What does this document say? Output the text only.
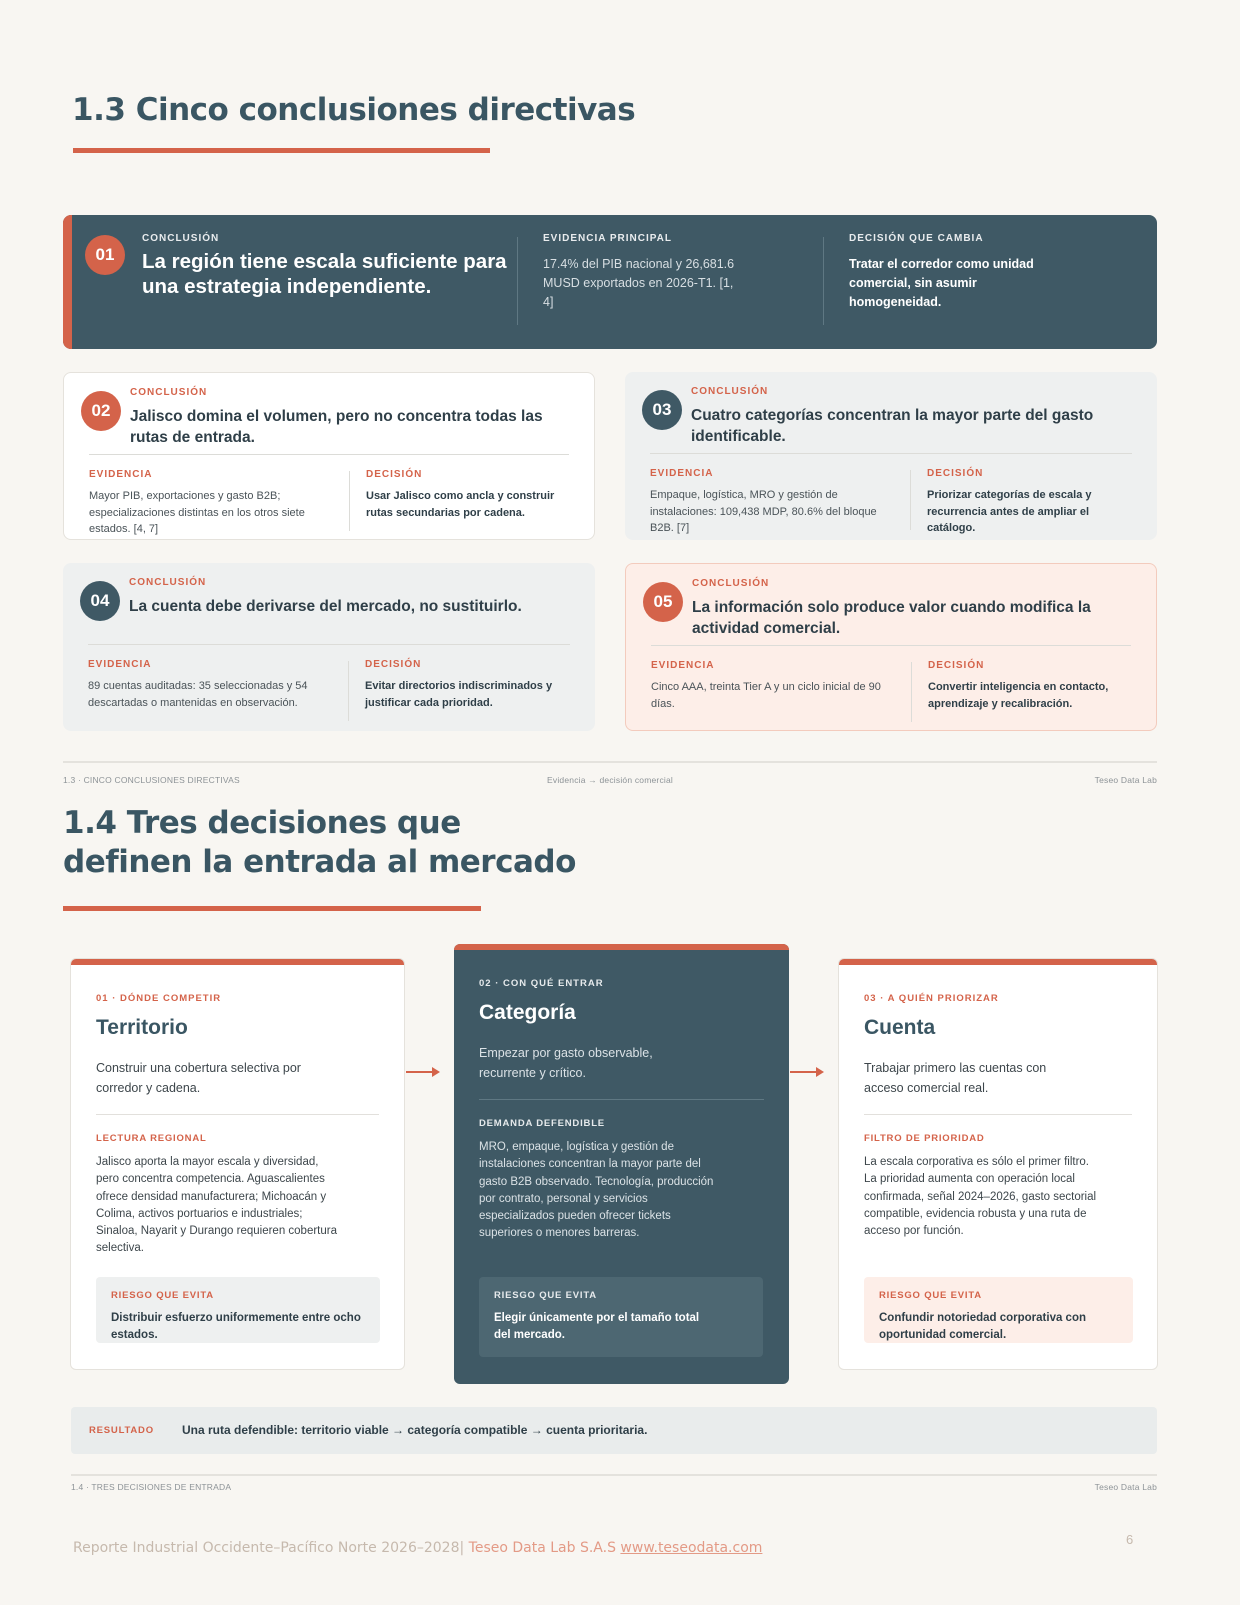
1.3 Cinco conclusiones directivas
01
CONCLUSIÓN
La región tiene escala suficiente para una estrategia independiente.
EVIDENCIA PRINCIPAL
17.4% del PIB nacional y 26,681.6 MUSD exportados en 2026-T1. [1, 4]
DECISIÓN QUE CAMBIA
Tratar el corredor como unidad comercial, sin asumir homogeneidad.
02
CONCLUSIÓN
Jalisco domina el volumen, pero no concentra todas las rutas de entrada.
EVIDENCIA
Mayor PIB, exportaciones y gasto B2B; especializaciones distintas en los otros siete estados. [4, 7]
DECISIÓN
Usar Jalisco como ancla y construir rutas secundarias por cadena.
03
CONCLUSIÓN
Cuatro categorías concentran la mayor parte del gasto identificable.
EVIDENCIA
Empaque, logística, MRO y gestión de instalaciones: 109,438 MDP, 80.6% del bloque B2B. [7]
DECISIÓN
Priorizar categorías de escala y recurrencia antes de ampliar el catálogo.
04
CONCLUSIÓN
La cuenta debe derivarse del mercado, no sustituirlo.
EVIDENCIA
89 cuentas auditadas: 35 seleccionadas y 54 descartadas o mantenidas en observación.
DECISIÓN
Evitar directorios indiscriminados y justificar cada prioridad.
05
CONCLUSIÓN
La información solo produce valor cuando modifica la actividad comercial.
EVIDENCIA
Cinco AAA, treinta Tier A y un ciclo inicial de 90 días.
DECISIÓN
Convertir inteligencia en contacto, aprendizaje y recalibración.
1.3 · CINCO CONCLUSIONES DIRECTIVAS	Evidencia → decisión comercial	Teseo Data Lab
1.4 Tres decisiones que
definen la entrada al mercado
01 · DÓNDE COMPETIR
Territorio
Construir una cobertura selectiva por corredor y cadena.
LECTURA REGIONAL
Jalisco aporta la mayor escala y diversidad, pero concentra competencia. Aguascalientes ofrece densidad manufacturera; Michoacán y Colima, activos portuarios e industriales; Sinaloa, Nayarit y Durango requieren cobertura selectiva.
RIESGO QUE EVITA
Distribuir esfuerzo uniformemente entre ocho estados.
02 · CON QUÉ ENTRAR
Categoría
Empezar por gasto observable, recurrente y crítico.
DEMANDA DEFENDIBLE
MRO, empaque, logística y gestión de instalaciones concentran la mayor parte del gasto B2B observado. Tecnología, producción por contrato, personal y servicios especializados pueden ofrecer tickets superiores o menores barreras.
RIESGO QUE EVITA
Elegir únicamente por el tamaño total del mercado.
03 · A QUIÉN PRIORIZAR
Cuenta
Trabajar primero las cuentas con acceso comercial real.
FILTRO DE PRIORIDAD
La escala corporativa es sólo el primer filtro. La prioridad aumenta con operación local confirmada, señal 2024–2026, gasto sectorial compatible, evidencia robusta y una ruta de acceso por función.
RIESGO QUE EVITA
Confundir notoriedad corporativa con oportunidad comercial.
RESULTADO Una ruta defendible: territorio viable → categoría compatible → cuenta prioritaria.
1.4 · TRES DECISIONES DE ENTRADA	Teseo Data Lab
Reporte Industrial Occidente–Pacífico Norte 2026–2028| Teseo Data Lab S.A.S www.teseodata.com
6
